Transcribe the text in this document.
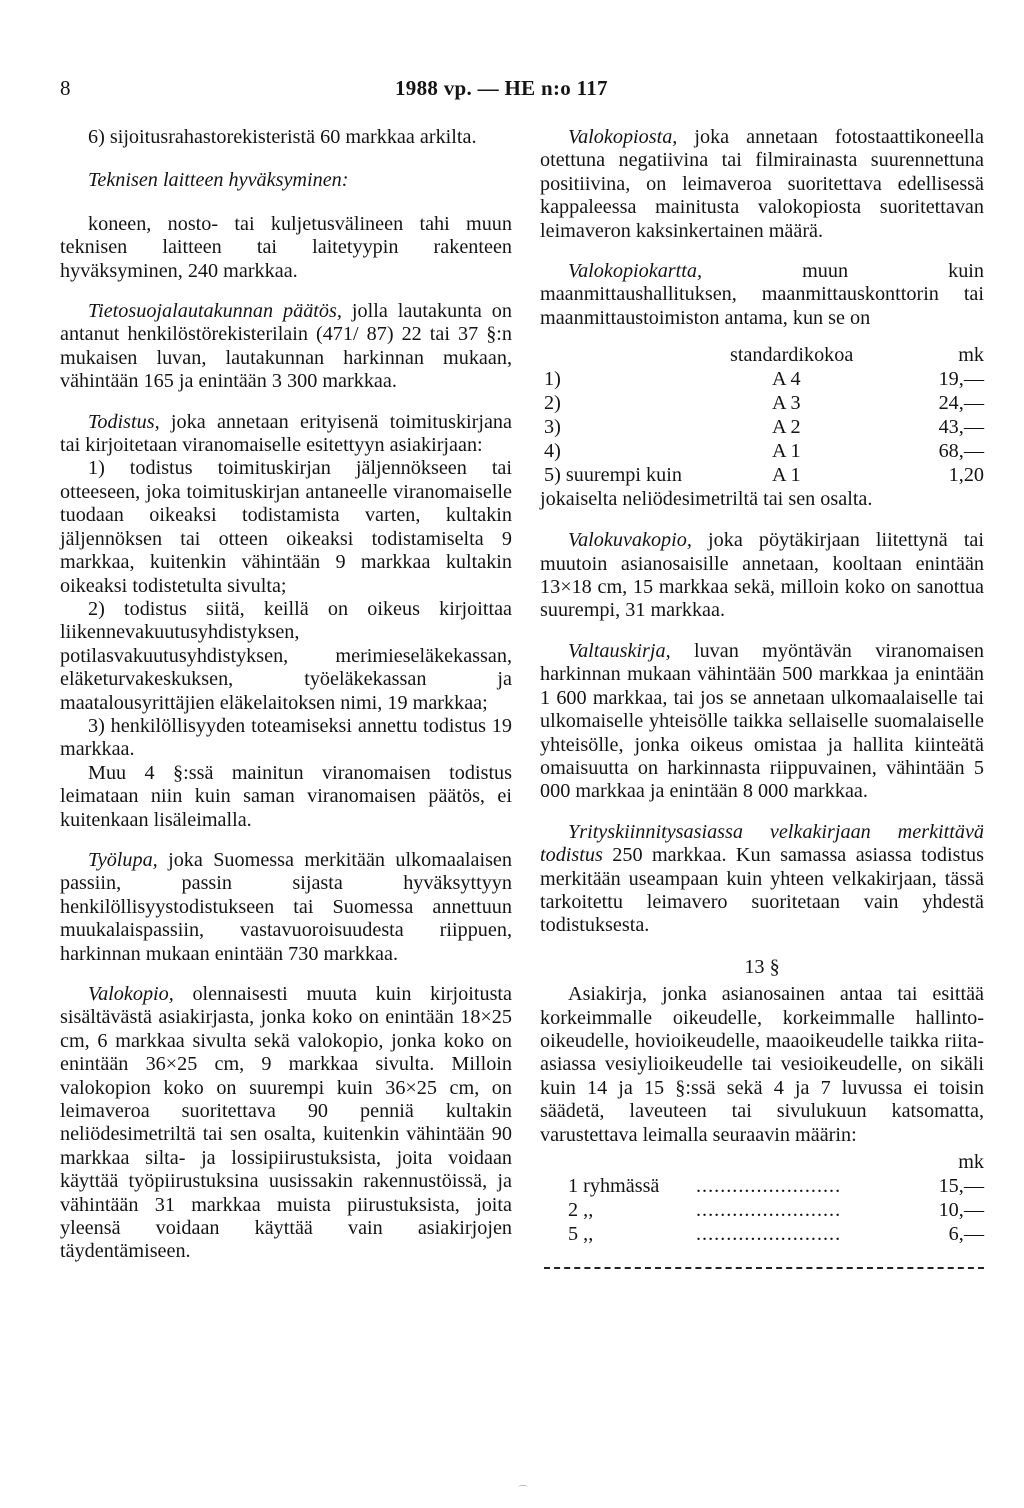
8	1988 vp. — HE n:o 117

6) sijoitusrahastorekisteristä 60 markkaa arkilta.

Teknisen laitteen hyväksyminen:

koneen, nosto- tai kuljetusvälineen tahi muun teknisen laitteen tai laitetyypin rakenteen hyväksyminen, 240 markkaa.

Tietosuojalautakunnan päätös, jolla lautakunta on antanut henkilöstörekisterilain (471/ 87) 22 tai 37 §:n mukaisen luvan, lautakunnan harkinnan mukaan, vähintään 165 ja enintään 3 300 markkaa.

Todistus, joka annetaan erityisenä toimituskirjana tai kirjoitetaan viranomaiselle esitettyyn asiakirjaan:

1) todistus toimituskirjan jäljennökseen tai otteeseen, joka toimituskirjan antaneelle viranomaiselle tuodaan oikeaksi todistamista varten, kultakin jäljennöksen tai otteen oikeaksi todistamiselta 9 markkaa, kuitenkin vähintään 9 markkaa kultakin oikeaksi todistetulta sivulta;

2) todistus siitä, keillä on oikeus kirjoittaa liikennevakuutusyhdistyksen, potilasvakuutusyhdistyksen, merimieseläkekassan, eläketurvakeskuksen, työeläkekassan ja maatalousyrittäjien eläkelaitoksen nimi, 19 markkaa;

3) henkilöllisyyden toteamiseksi annettu todistus 19 markkaa.

Muu 4 §:ssä mainitun viranomaisen todistus leimataan niin kuin saman viranomaisen päätös, ei kuitenkaan lisäleimalla.

Työlupa, joka Suomessa merkitään ulkomaalaisen passiin, passin sijasta hyväksyttyyn henkilöllisyystodistukseen tai Suomessa annettuun muukalaispassiin, vastavuoroisuudesta riippuen, harkinnan mukaan enintään 730 markkaa.

Valokopio, olennaisesti muuta kuin kirjoitusta sisältävästä asiakirjasta, jonka koko on enintään 18×25 cm, 6 markkaa sivulta sekä valokopio, jonka koko on enintään 36×25 cm, 9 markkaa sivulta. Milloin valokopion koko on suurempi kuin 36×25 cm, on leimaveroa suoritettava 90 penniä kultakin neliödesimetriltä tai sen osalta, kuitenkin vähintään 90 markkaa silta- ja lossipiirustuksista, joita voidaan käyttää työpiirustuksina uusissakin rakennustöissä, ja vähintään 31 markkaa muista piirustuksista, joita yleensä voidaan käyttää vain asiakirjojen täydentämiseen.

Valokopiosta, joka annetaan fotostaattikoneella otettuna negatiivina tai filmirainasta suurennettuna positiivina, on leimaveroa suoritettava edellisessä kappaleessa mainitusta valokopiosta suoritettavan leimaveron kaksinkertainen määrä.

Valokopiokartta, muun kuin maanmittaushallituksen, maanmittauskonttorin tai maanmittaustoimiston antama, kun se on

standardikokoa	mk
1)	A 4	19,—
2)	A 3	24,—
3)	A 2	43,—
4)	A 1	68,—
5) suurempi kuin	A 1	1,20
jokaiselta neliödesimetriltä tai sen osalta.

Valokuvakopio, joka pöytäkirjaan liitettynä tai muutoin asianosaisille annetaan, kooltaan enintään 13×18 cm, 15 markkaa sekä, milloin koko on sanottua suurempi, 31 markkaa.

Valtauskirja, luvan myöntävän viranomaisen harkinnan mukaan vähintään 500 markkaa ja enintään 1 600 markkaa, tai jos se annetaan ulkomaalaiselle tai ulkomaiselle yhteisölle taikka sellaiselle suomalaiselle yhteisölle, jonka oikeus omistaa ja hallita kiinteätä omaisuutta on harkinnasta riippuvainen, vähintään 5 000 markkaa ja enintään 8 000 markkaa.

Yrityskiinnitysasiassa velkakirjaan merkittävä todistus 250 markkaa. Kun samassa asiassa todistus merkitään useampaan kuin yhteen velkakirjaan, tässä tarkoitettu leimavero suoritetaan vain yhdestä todistuksesta.

13 §

Asiakirja, jonka asianosainen antaa tai esittää korkeimmalle oikeudelle, korkeimmalle hallinto-oikeudelle, hovioikeudelle, maaoikeudelle taikka riita-asiassa vesiylioikeudelle tai vesioikeudelle, on sikäli kuin 14 ja 15 §:ssä sekä 4 ja 7 luvussa ei toisin säädetä, laveuteen tai sivulukuun katsomatta, varustettava leimalla seuraavin määrin:

mk
1 ryhmässä ........................	15,—
2 ,,	........................	10,—
5 ,,	........................	6,—
⌒
